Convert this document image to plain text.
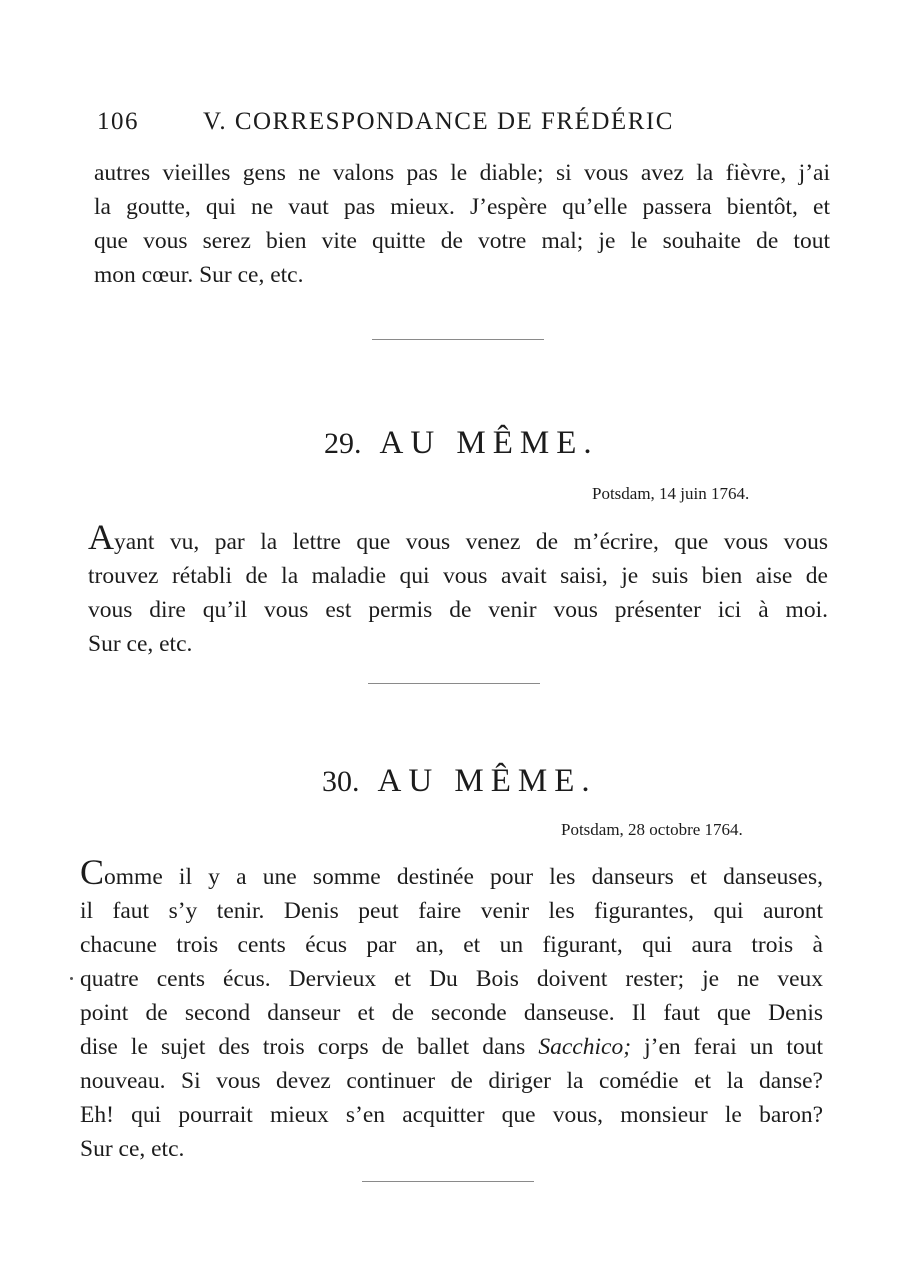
106	V. CORRESPONDANCE DE FRÉDÉRIC

autres vieilles gens ne valons pas le diable; si vous avez la fièvre, j’ai
la goutte, qui ne vaut pas mieux. J’espère qu’elle passera bientôt, et
que vous serez bien vite quitte de votre mal; je le souhaite de tout
mon cœur. Sur ce, etc.

29. AU MÊME.
Potsdam, 14 juin 1764.

Ayant vu, par la lettre que vous venez de m’écrire, que vous vous
trouvez rétabli de la maladie qui vous avait saisi, je suis bien aise de
vous dire qu’il vous est permis de venir vous présenter ici à moi.
Sur ce, etc.

30. AU MÊME.
Potsdam, 28 octobre 1764.

Comme il y a une somme destinée pour les danseurs et danseuses,
il faut s’y tenir. Denis peut faire venir les figurantes, qui auront
chacune trois cents écus par an, et un figurant, qui aura trois à
quatre cents écus. Dervieux et Du Bois doivent rester; je ne veux
point de second danseur et de seconde danseuse. Il faut que Denis
dise le sujet des trois corps de ballet dans Sacchico; j’en ferai un tout
nouveau. Si vous devez continuer de diriger la comédie et la danse?
Eh! qui pourrait mieux s’en acquitter que vous, monsieur le baron?
Sur ce, etc.
